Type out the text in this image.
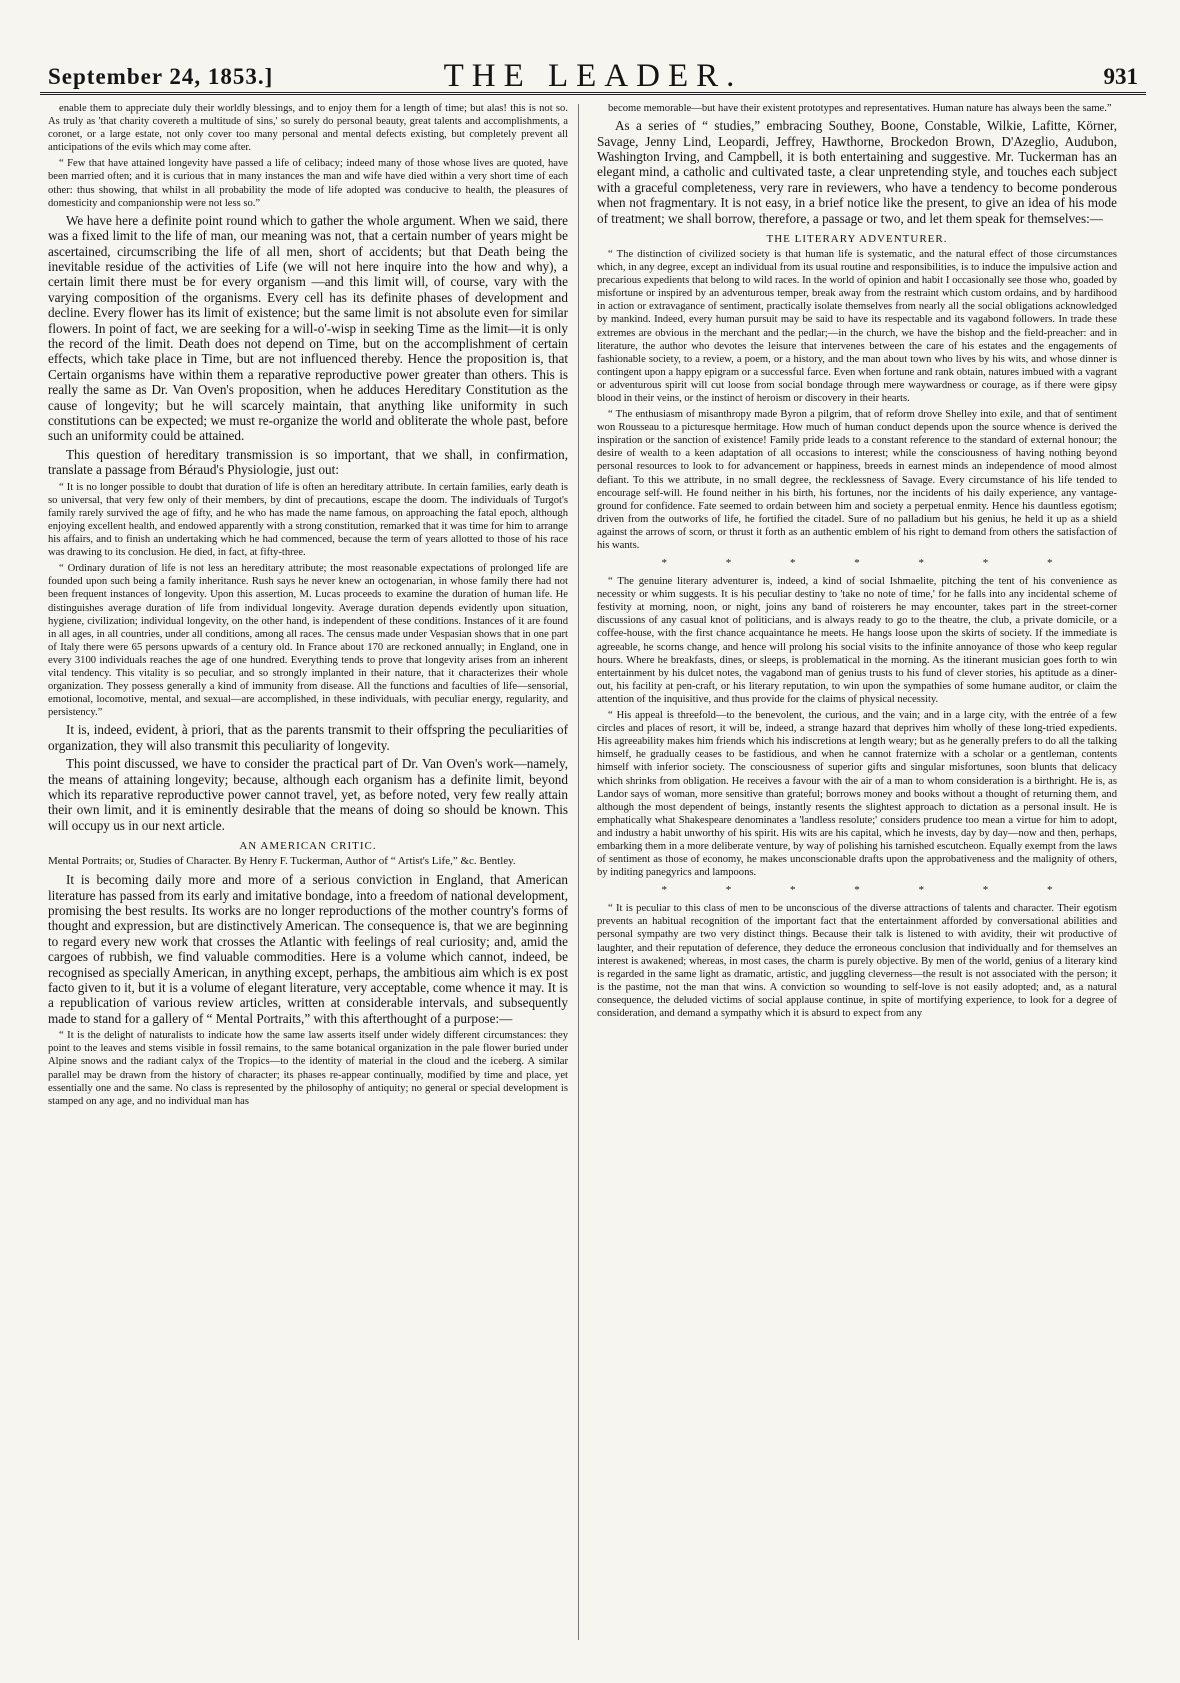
September 24, 1853.]	THE LEADER.	931

enable them to appreciate duly their worldly blessings, and to enjoy them for a length of time; but alas! this is not so. As truly as 'that charity covereth a multitude of sins,' so surely do personal beauty, great talents and accomplishments, a coronet, or a large estate, not only cover too many personal and mental defects existing, but completely prevent all anticipations of the evils which may come after.

“ Few that have attained longevity have passed a life of celibacy; indeed many of those whose lives are quoted, have been married often; and it is curious that in many instances the man and wife have died within a very short time of each other: thus showing, that whilst in all probability the mode of life adopted was conducive to health, the pleasures of domesticity and companionship were not less so.”

We have here a definite point round which to gather the whole argument. When we said, there was a fixed limit to the life of man, our meaning was not, that a certain number of years might be ascertained, circumscribing the life of all men, short of accidents; but that Death being the inevitable residue of the activities of Life (we will not here inquire into the how and why), a certain limit there must be for every organism —and this limit will, of course, vary with the varying composition of the organisms. Every cell has its definite phases of development and decline. Every flower has its limit of existence; but the same limit is not absolute even for similar flowers. In point of fact, we are seeking for a will-o'-wisp in seeking Time as the limit—it is only the record of the limit. Death does not depend on Time, but on the accomplishment of certain effects, which take place in Time, but are not influenced thereby. Hence the proposition is, that Certain organisms have within them a reparative reproductive power greater than others. This is really the same as Dr. Van Oven's proposition, when he adduces Hereditary Constitution as the cause of longevity; but he will scarcely maintain, that anything like uniformity in such constitutions can be expected; we must re-organize the world and obliterate the whole past, before such an uniformity could be attained.

This question of hereditary transmission is so important, that we shall, in confirmation, translate a passage from Béraud's Physiologie, just out:

“ It is no longer possible to doubt that duration of life is often an hereditary attribute. In certain families, early death is so universal, that very few only of their members, by dint of precautions, escape the doom. The individuals of Turgot's family rarely survived the age of fifty, and he who has made the name famous, on approaching the fatal epoch, although enjoying excellent health, and endowed apparently with a strong constitution, remarked that it was time for him to arrange his affairs, and to finish an undertaking which he had commenced, because the term of years allotted to those of his race was drawing to its conclusion. He died, in fact, at fifty-three.

“ Ordinary duration of life is not less an hereditary attribute; the most reasonable expectations of prolonged life are founded upon such being a family inheritance. Rush says he never knew an octogenarian, in whose family there had not been frequent instances of longevity. Upon this assertion, M. Lucas proceeds to examine the duration of human life. He distinguishes average duration of life from individual longevity. Average duration depends evidently upon situation, hygiene, civilization; individual longevity, on the other hand, is independent of these conditions. Instances of it are found in all ages, in all countries, under all conditions, among all races. The census made under Vespasian shows that in one part of Italy there were 65 persons upwards of a century old. In France about 170 are reckoned annually; in England, one in every 3100 individuals reaches the age of one hundred. Everything tends to prove that longevity arises from an inherent vital tendency. This vitality is so peculiar, and so strongly implanted in their nature, that it characterizes their whole organization. They possess generally a kind of immunity from disease. All the functions and faculties of life—sensorial, emotional, locomotive, mental, and sexual—are accomplished, in these individuals, with peculiar energy, regularity, and persistency.”

It is, indeed, evident, à priori, that as the parents transmit to their offspring the peculiarities of organization, they will also transmit this peculiarity of longevity.

This point discussed, we have to consider the practical part of Dr. Van Oven's work—namely, the means of attaining longevity; because, although each organism has a definite limit, beyond which its reparative reproductive power cannot travel, yet, as before noted, very few really attain their own limit, and it is eminently desirable that the means of doing so should be known. This will occupy us in our next article.

AN AMERICAN CRITIC.

Mental Portraits; or, Studies of Character. By Henry F. Tuckerman, Author of “ Artist's Life,” &c. Bentley.

It is becoming daily more and more of a serious conviction in England, that American literature has passed from its early and imitative bondage, into a freedom of national development, promising the best results. Its works are no longer reproductions of the mother country's forms of thought and expression, but are distinctively American. The consequence is, that we are beginning to regard every new work that crosses the Atlantic with feelings of real curiosity; and, amid the cargoes of rubbish, we find valuable commodities. Here is a volume which cannot, indeed, be recognised as specially American, in anything except, perhaps, the ambitious aim which is ex post facto given to it, but it is a volume of elegant literature, very acceptable, come whence it may. It is a republication of various review articles, written at considerable intervals, and subsequently made to stand for a gallery of “ Mental Portraits,” with this afterthought of a purpose:—

“ It is the delight of naturalists to indicate how the same law asserts itself under widely different circumstances: they point to the leaves and stems visible in fossil remains, to the same botanical organization in the pale flower buried under Alpine snows and the radiant calyx of the Tropics—to the identity of material in the cloud and the iceberg. A similar parallel may be drawn from the history of character; its phases re-appear continually, modified by time and place, yet essentially one and the same. No class is represented by the philosophy of antiquity; no general or special development is stamped on any age, and no individual man has

become memorable—but have their existent prototypes and representatives. Human nature has always been the same.”

As a series of “ studies,” embracing Southey, Boone, Constable, Wilkie, Lafitte, Körner, Savage, Jenny Lind, Leopardi, Jeffrey, Hawthorne, Brockedon Brown, D'Azeglio, Audubon, Washington Irving, and Campbell, it is both entertaining and suggestive. Mr. Tuckerman has an elegant mind, a catholic and cultivated taste, a clear unpretending style, and touches each subject with a graceful completeness, very rare in reviewers, who have a tendency to become ponderous when not fragmentary. It is not easy, in a brief notice like the present, to give an idea of his mode of treatment; we shall borrow, therefore, a passage or two, and let them speak for themselves:—

THE LITERARY ADVENTURER.

“ The distinction of civilized society is that human life is systematic, and the natural effect of those circumstances which, in any degree, except an individual from its usual routine and responsibilities, is to induce the impulsive action and precarious expedients that belong to wild races. In the world of opinion and habit I occasionally see those who, goaded by misfortune or inspired by an adventurous temper, break away from the restraint which custom ordains, and by hardihood in action or extravagance of sentiment, practically isolate themselves from nearly all the social obligations acknowledged by mankind. Indeed, every human pursuit may be said to have its respectable and its vagabond followers. In trade these extremes are obvious in the merchant and the pedlar;—in the church, we have the bishop and the field-preacher: and in literature, the author who devotes the leisure that intervenes between the care of his estates and the engagements of fashionable society, to a review, a poem, or a history, and the man about town who lives by his wits, and whose dinner is contingent upon a happy epigram or a successful farce. Even when fortune and rank obtain, natures imbued with a vagrant or adventurous spirit will cut loose from social bondage through mere waywardness or courage, as if there were gipsy blood in their veins, or the instinct of heroism or discovery in their hearts.

“ The enthusiasm of misanthropy made Byron a pilgrim, that of reform drove Shelley into exile, and that of sentiment won Rousseau to a picturesque hermitage. How much of human conduct depends upon the source whence is derived the inspiration or the sanction of existence! Family pride leads to a constant reference to the standard of external honour; the desire of wealth to a keen adaptation of all occasions to interest; while the consciousness of having nothing beyond personal resources to look to for advancement or happiness, breeds in earnest minds an independence of mood almost defiant. To this we attribute, in no small degree, the recklessness of Savage. Every circumstance of his life tended to encourage self-will. He found neither in his birth, his fortunes, nor the incidents of his daily experience, any vantage-ground for confidence. Fate seemed to ordain between him and society a perpetual enmity. Hence his dauntless egotism; driven from the outworks of life, he fortified the citadel. Sure of no palladium but his genius, he held it up as a shield against the arrows of scorn, or thrust it forth as an authentic emblem of his right to demand from others the satisfaction of his wants.

* * * * * * *

“ The genuine literary adventurer is, indeed, a kind of social Ishmaelite, pitching the tent of his convenience as necessity or whim suggests. It is his peculiar destiny to 'take no note of time,' for he falls into any incidental scheme of festivity at morning, noon, or night, joins any band of roisterers he may encounter, takes part in the street-corner discussions of any casual knot of politicians, and is always ready to go to the theatre, the club, a private domicile, or a coffee-house, with the first chance acquaintance he meets. He hangs loose upon the skirts of society. If the immediate is agreeable, he scorns change, and hence will prolong his social visits to the infinite annoyance of those who keep regular hours. Where he breakfasts, dines, or sleeps, is problematical in the morning. As the itinerant musician goes forth to win entertainment by his dulcet notes, the vagabond man of genius trusts to his fund of clever stories, his aptitude as a diner-out, his facility at pen-craft, or his literary reputation, to win upon the sympathies of some humane auditor, or claim the attention of the inquisitive, and thus provide for the claims of physical necessity.

“ His appeal is threefold—to the benevolent, the curious, and the vain; and in a large city, with the entrée of a few circles and places of resort, it will be, indeed, a strange hazard that deprives him wholly of these long-tried expedients. His agreeability makes him friends which his indiscretions at length weary; but as he generally prefers to do all the talking himself, he gradually ceases to be fastidious, and when he cannot fraternize with a scholar or a gentleman, contents himself with inferior society. The consciousness of superior gifts and singular misfortunes, soon blunts that delicacy which shrinks from obligation. He receives a favour with the air of a man to whom consideration is a birthright. He is, as Landor says of woman, more sensitive than grateful; borrows money and books without a thought of returning them, and although the most dependent of beings, instantly resents the slightest approach to dictation as a personal insult. He is emphatically what Shakespeare denominates a 'landless resolute;' considers prudence too mean a virtue for him to adopt, and industry a habit unworthy of his spirit. His wits are his capital, which he invests, day by day—now and then, perhaps, embarking them in a more deliberate venture, by way of polishing his tarnished escutcheon. Equally exempt from the laws of sentiment as those of economy, he makes unconscionable drafts upon the approbativeness and the malignity of others, by inditing panegyrics and lampoons.

* * * * * * *

“ It is peculiar to this class of men to be unconscious of the diverse attractions of talents and character. Their egotism prevents an habitual recognition of the important fact that the entertainment afforded by conversational abilities and personal sympathy are two very distinct things. Because their talk is listened to with avidity, their wit productive of laughter, and their reputation of deference, they deduce the erroneous conclusion that individually and for themselves an interest is awakened; whereas, in most cases, the charm is purely objective. By men of the world, genius of a literary kind is regarded in the same light as dramatic, artistic, and juggling cleverness—the result is not associated with the person; it is the pastime, not the man that wins. A conviction so wounding to self-love is not easily adopted; and, as a natural consequence, the deluded victims of social applause continue, in spite of mortifying experience, to look for a degree of consideration, and demand a sympathy which it is absurd to expect from any
